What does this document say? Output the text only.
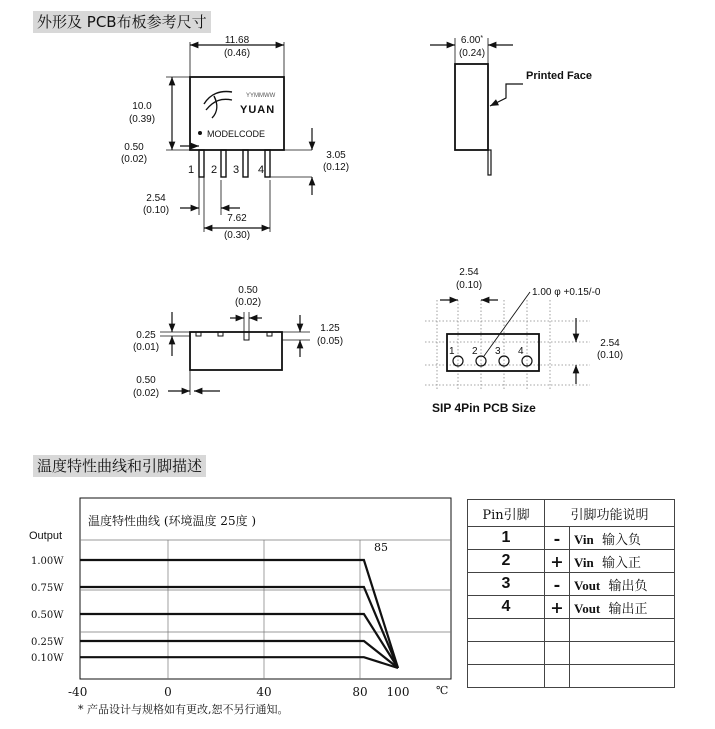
外形及 PCB布板参考尺寸
温度特性曲线和引脚描述
11.68
(0.46)
10.0
(0.39)
YYMMWW
YUAN
MODELCODE
0.50
(0.02)
1 2 3 4
3.05
(0.12)
2.54
(0.10)
7.62
(0.30)
6.00*
(0.24)
Printed Face
0.50
(0.02)
0.25
(0.01)
1.25
(0.05)
0.50
(0.02)
2.54
(0.10)
1.00 φ +0.15/-0
2.54
(0.10)
1 2 3 4
SIP 4Pin PCB Size
温度特性曲线 (环境温度 25度 )
Output
85
1.00W
0.75W
0.50W
0.25W
0.10W
-40	0	40	80 100 ℃
Pin引脚	引脚功能说明	
1	-	Vin 输入负
2	+	Vin 输入正
3	-	Vout 输出负
4	+	Vout 输出正

* 产品设计与规格如有更改,恕不另行通知。
